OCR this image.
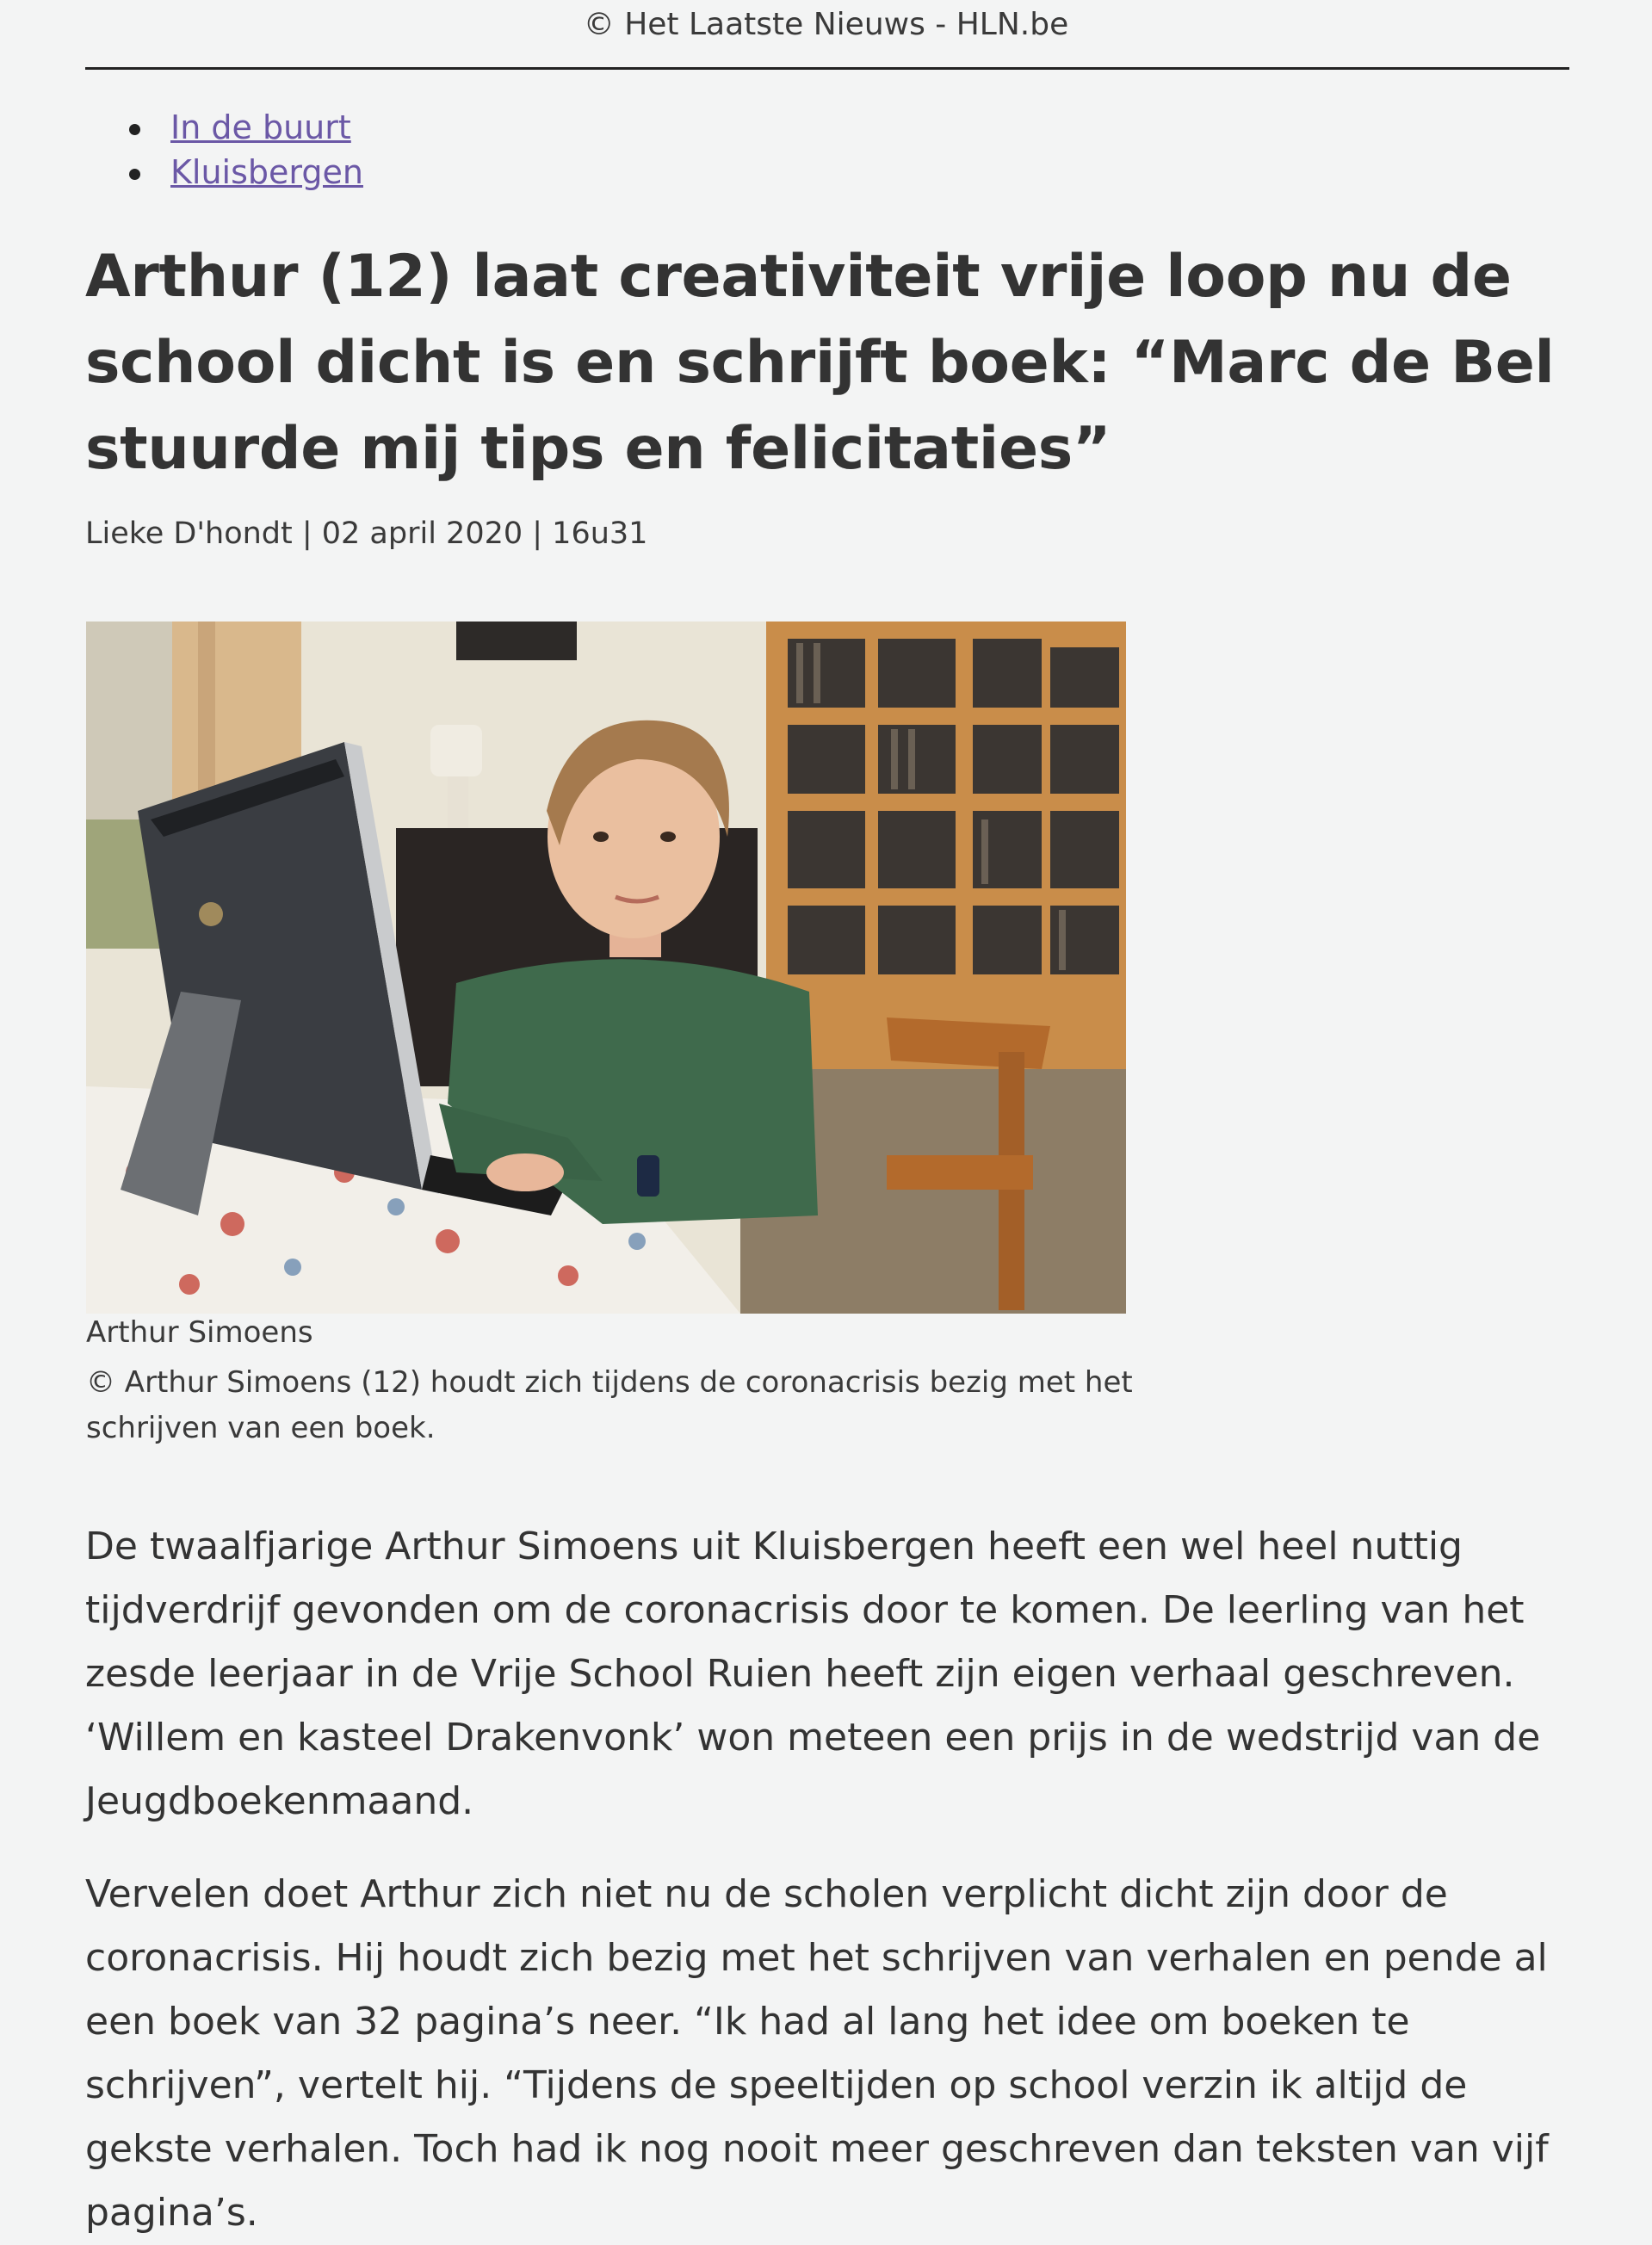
© Het Laatste Nieuws - HLN.be
In de buurt
Kluisbergen
Arthur (12) laat creativiteit vrije loop nu de school dicht is en schrijft boek: “Marc de Bel stuurde mij tips en felicitaties”
Lieke D'hondt | 02 april 2020 | 16u31
Arthur Simoens
© Arthur Simoens (12) houdt zich tijdens de coronacrisis bezig met het schrijven van een boek.

De twaalfjarige Arthur Simoens uit Kluisbergen heeft een wel heel nuttig tijdverdrijf gevonden om de coronacrisis door te komen. De leerling van het zesde leerjaar in de Vrije School Ruien heeft zijn eigen verhaal geschreven. ‘Willem en kasteel Drakenvonk’ won meteen een prijs in de wedstrijd van de Jeugdboekenmaand.

Vervelen doet Arthur zich niet nu de scholen verplicht dicht zijn door de coronacrisis. Hij houdt zich bezig met het schrijven van verhalen en pende al een boek van 32 pagina’s neer. “Ik had al lang het idee om boeken te schrijven”, vertelt hij. “Tijdens de speeltijden op school verzin ik altijd de gekste verhalen. Toch had ik nog nooit meer geschreven dan teksten van vijf pagina’s.
